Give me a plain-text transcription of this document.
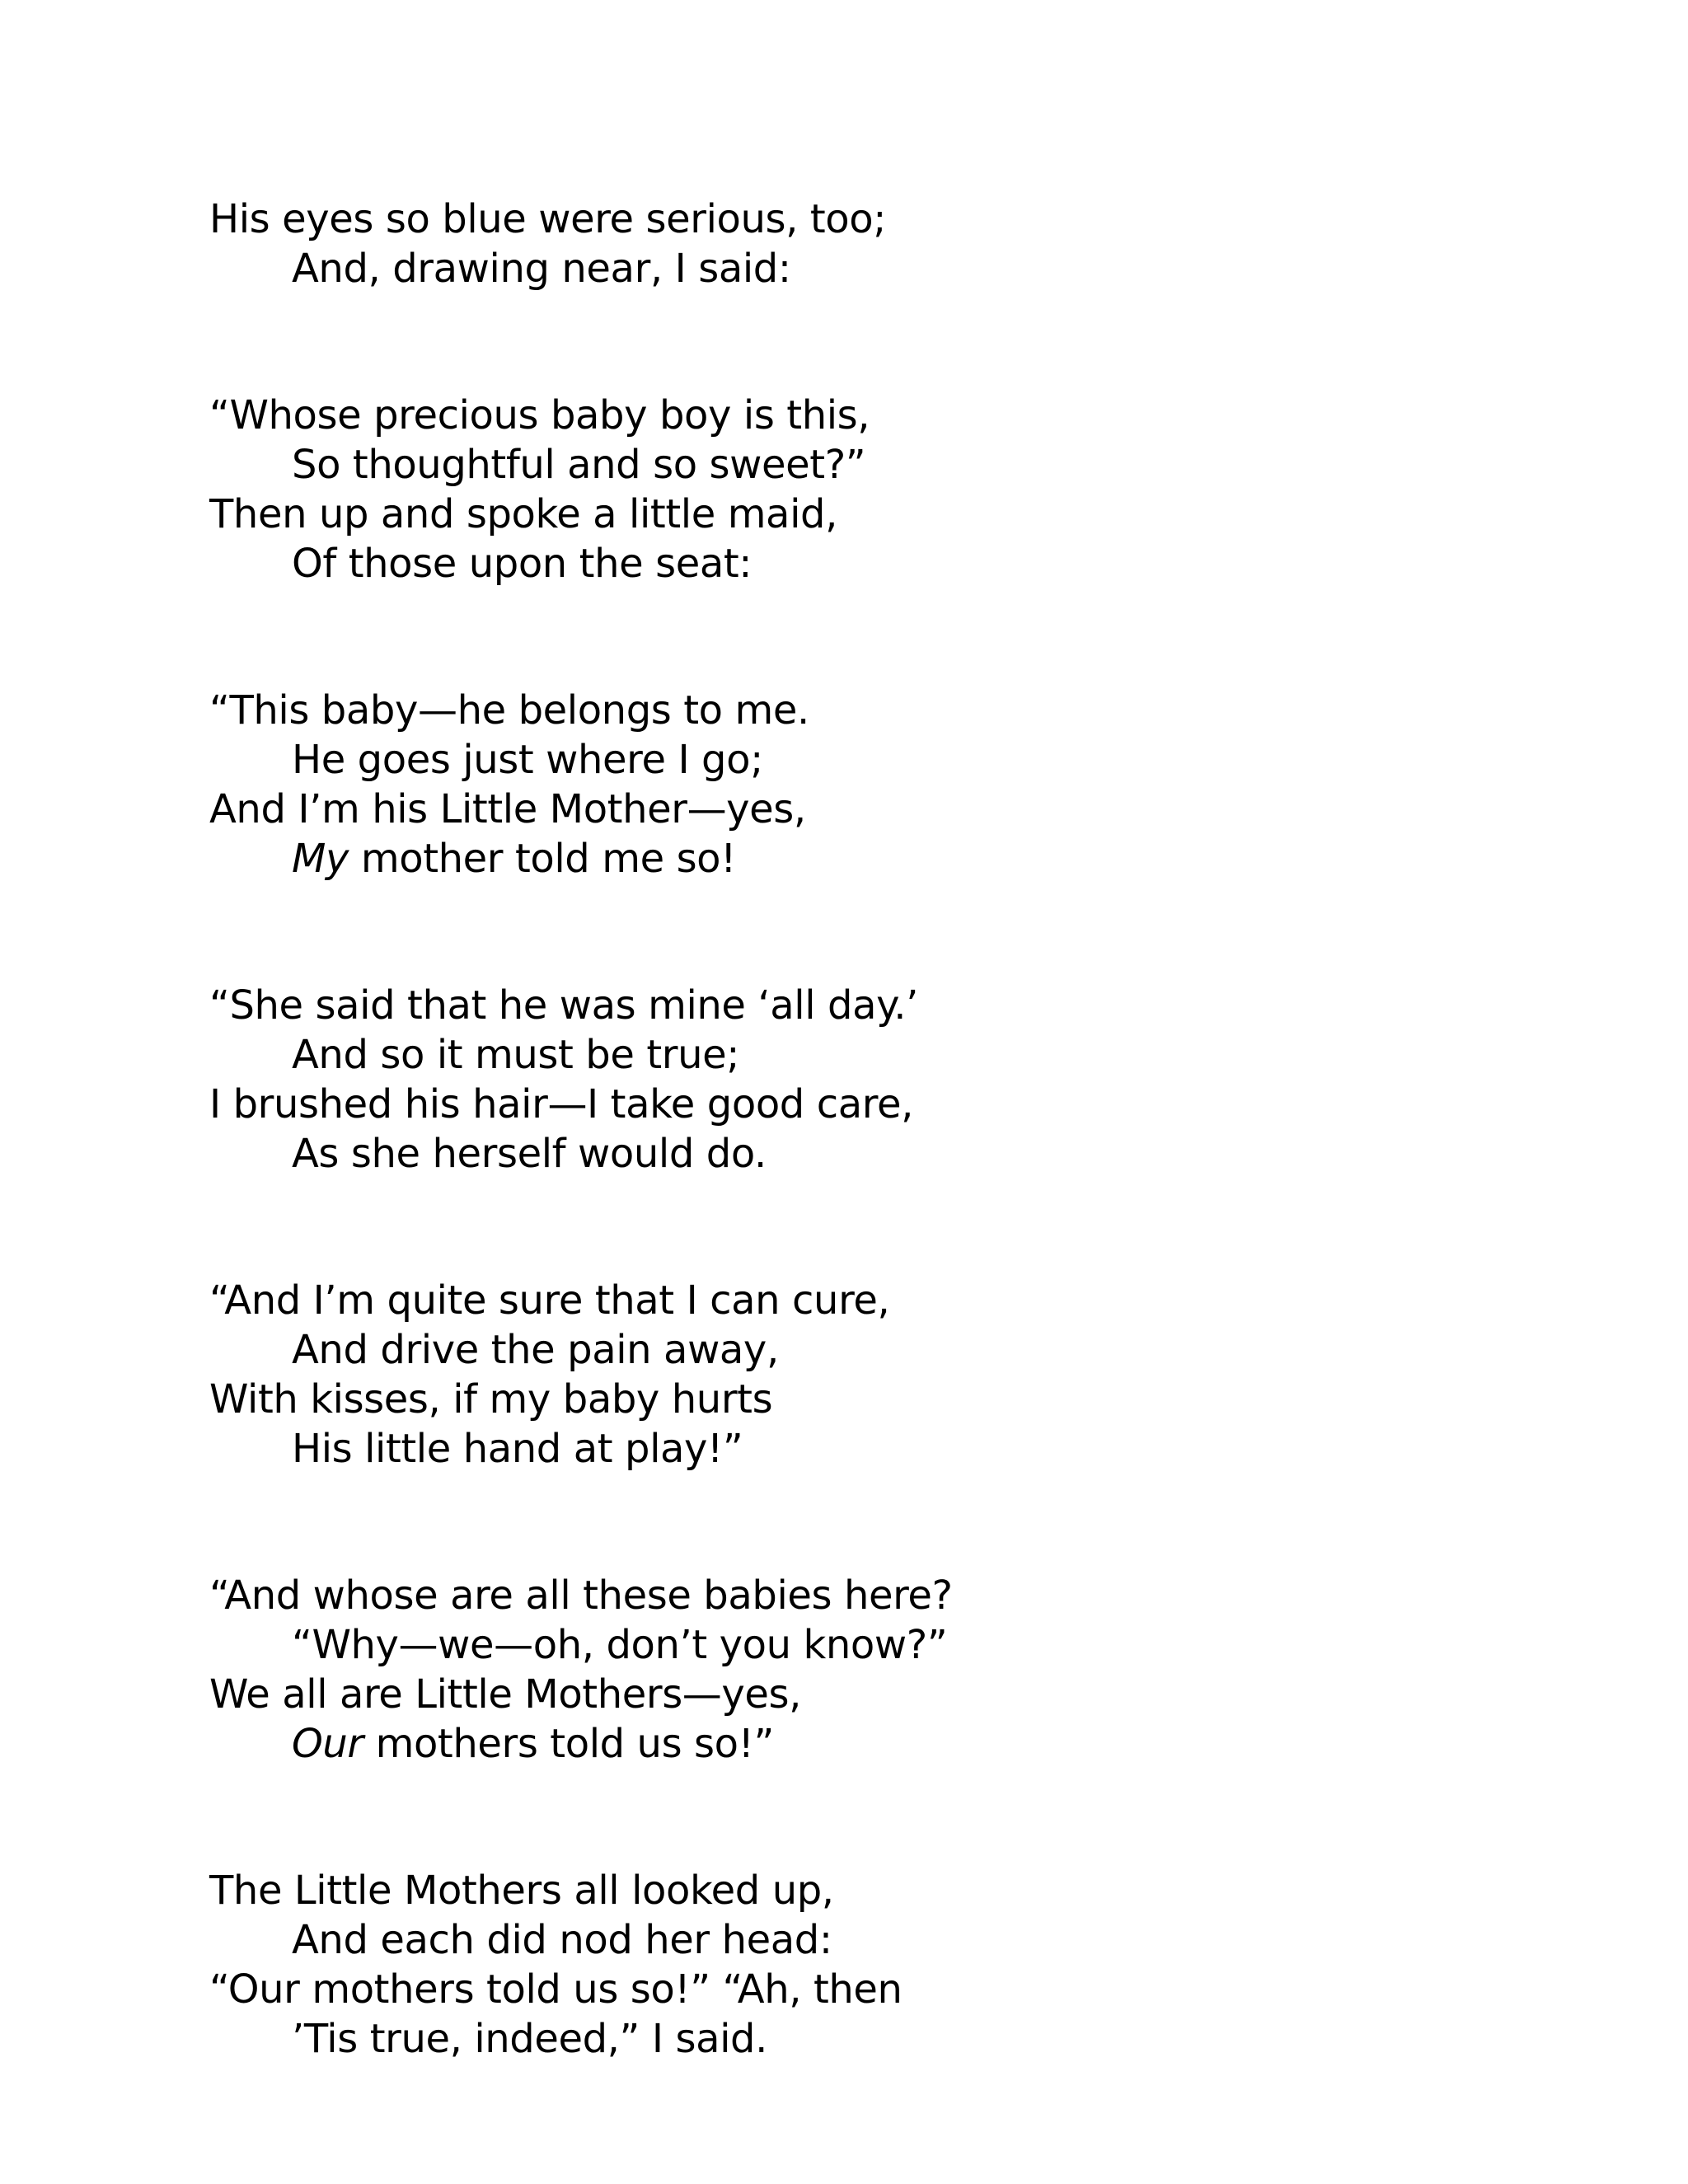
His eyes so blue were serious, too;
And, drawing near, I said:
“Whose precious baby boy is this,
So thoughtful and so sweet?”
Then up and spoke a little maid,
Of those upon the seat:
“This baby—he belongs to me.
He goes just where I go;
And I’m his Little Mother—yes,
My mother told me so!
“She said that he was mine ‘all day.’
And so it must be true;
I brushed his hair—I take good care,
As she herself would do.
“And I’m quite sure that I can cure,
And drive the pain away,
With kisses, if my baby hurts
His little hand at play!”
“And whose are all these babies here?
“Why—we—oh, don’t you know?”
We all are Little Mothers—yes,
Our mothers told us so!”
The Little Mothers all looked up,
And each did nod her head:
“Our mothers told us so!” “Ah, then
’Tis true, indeed,” I said.
